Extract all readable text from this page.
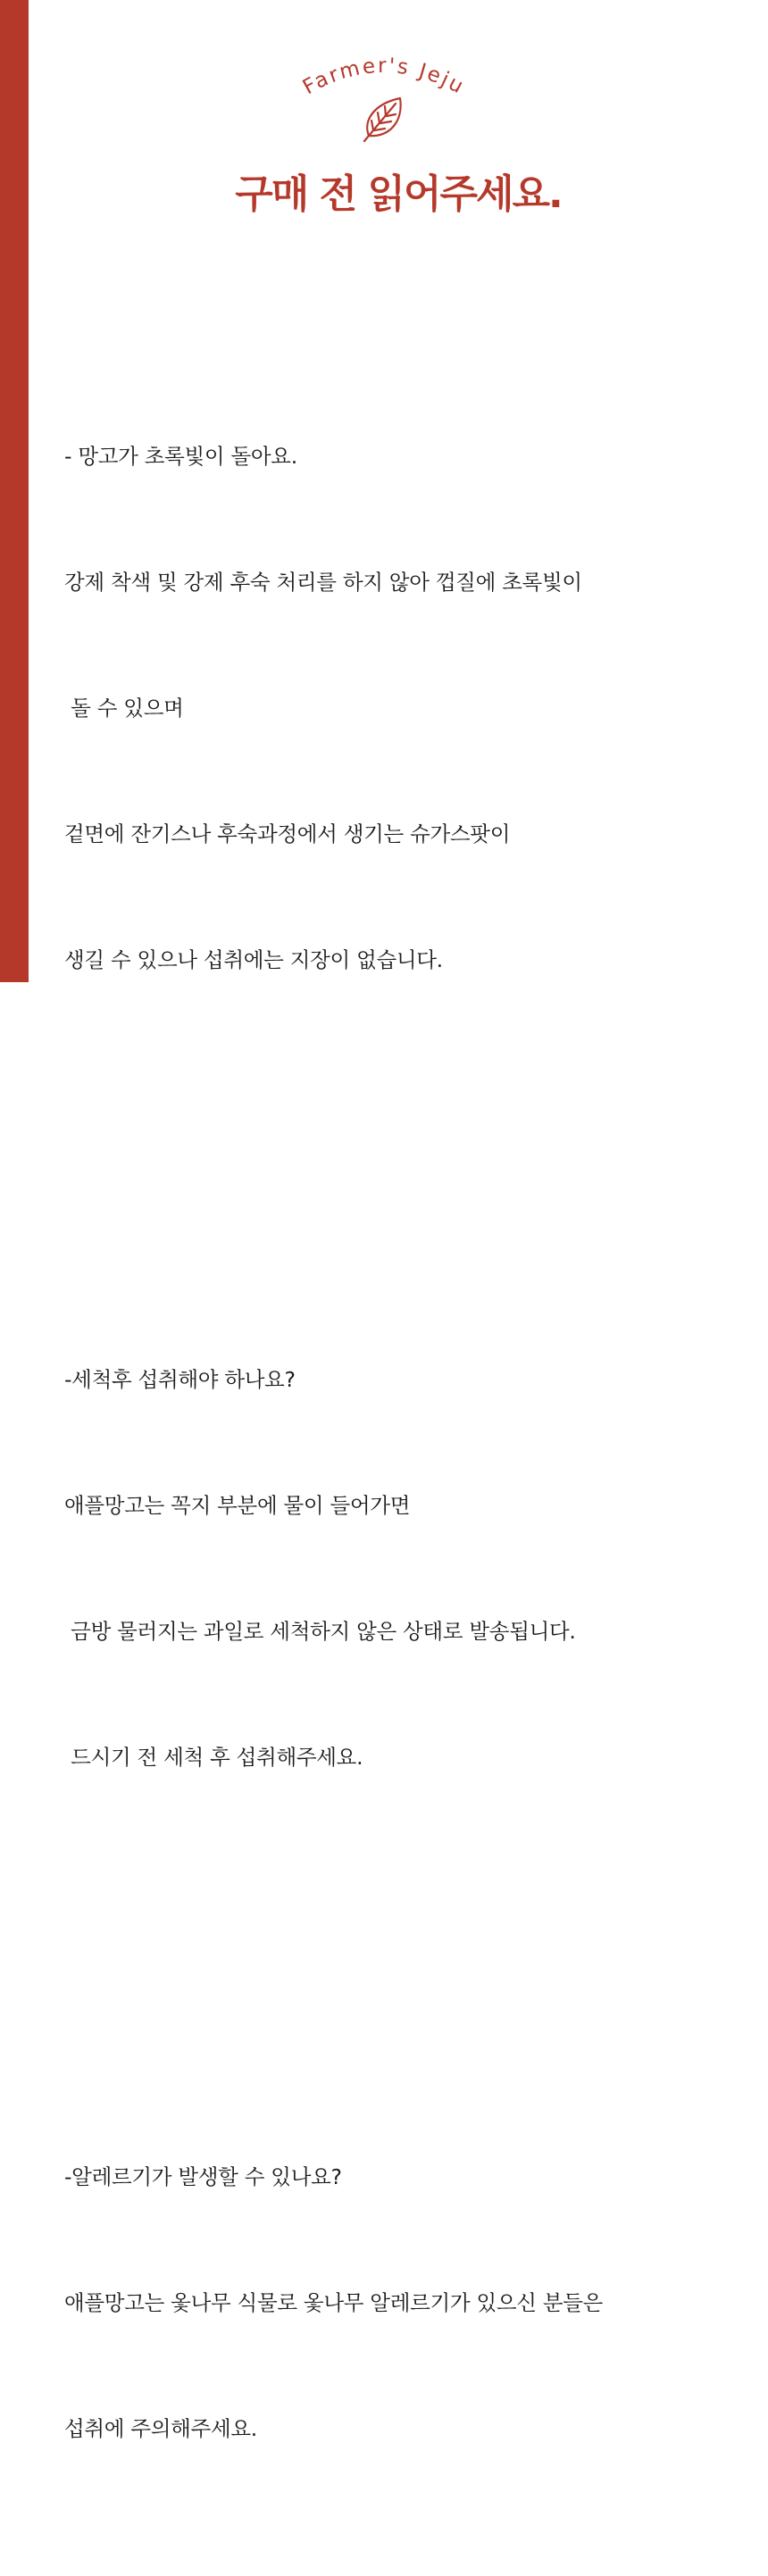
Farmer's Jeju
구매 전 읽어주세요.

- 망고가 초록빛이 돌아요.

강제 착색 및 강제 후숙 처리를 하지 않아 껍질에 초록빛이

돌 수 있으며

겉면에 잔기스나 후숙과정에서 생기는 슈가스팟이

생길 수 있으나 섭취에는 지장이 없습니다.

-세척후 섭취해야 하나요?

애플망고는 꼭지 부분에 물이 들어가면

금방 물러지는 과일로 세척하지 않은 상태로 발송됩니다.

드시기 전 세척 후 섭취해주세요.

-알레르기가 발생할 수 있나요?

애플망고는 옻나무 식물로 옻나무 알레르기가 있으신 분들은

섭취에 주의해주세요.
